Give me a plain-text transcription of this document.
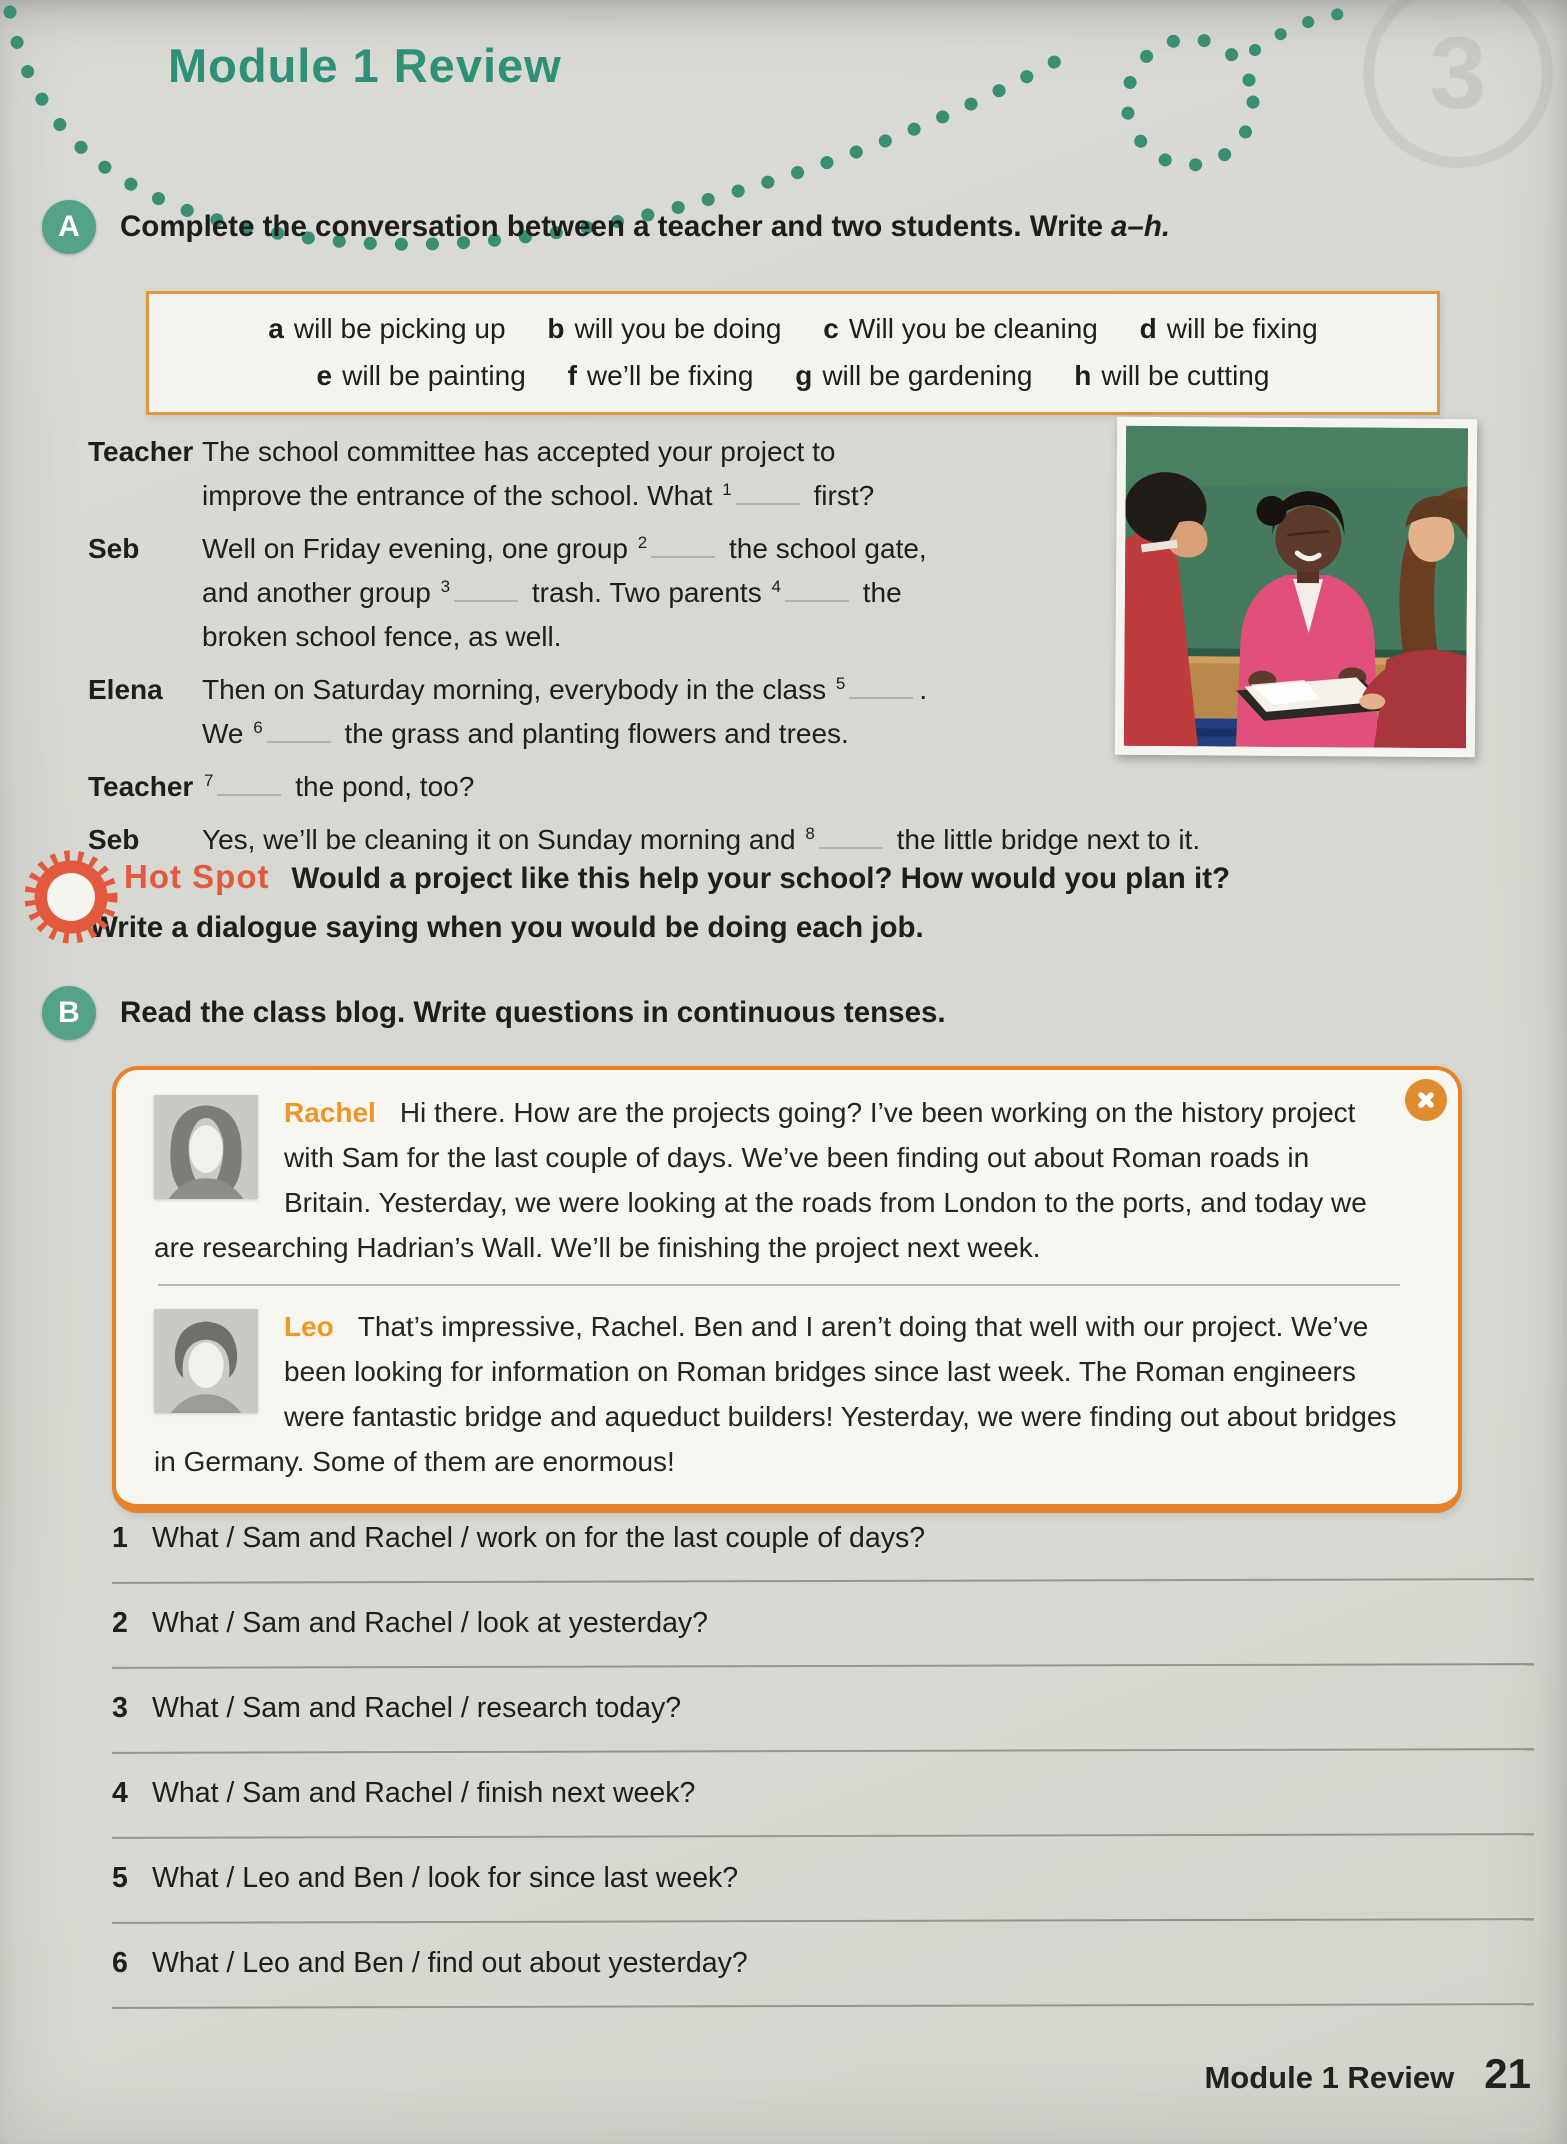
Module 1 Review	3
A	Complete the conversation between a teacher and two students. Write a–h.
a will be picking up b will you be doing c Will you be cleaning d will be fixing
e will be painting f we’ll be fixing g will be gardening h will be cutting
Teacher The school committee has accepted your project to
improve the entrance of the school. What $^1$	first?
Seb	Well on Friday evening, one group $^2$	the school gate,
and another group $^3$	trash. Two parents $^4$	the
broken school fence, as well.
Elena	Then on Saturday morning, everybody in the class $^5$	.
We $^6$	the grass and planting flowers and trees.
Teacher $^7$	the pond, too?
Seb	Yes, we’ll be cleaning it on Sunday morning and $^8$	the little bridge next to it.
Hot Spot Would a project like this help your school? How would you plan it?
Write a dialogue saying when you would be doing each job.
B	Read the class blog. Write questions in continuous tenses.
Rachel Hi there. How are the projects going? I’ve been working on the history project with Sam for the last couple of days. We’ve been finding out about Roman roads in Britain. Yesterday, we were looking at the roads from London to the ports, and today we are researching Hadrian’s Wall. We’ll be finishing the project next week.
Leo That’s impressive, Rachel. Ben and I aren’t doing that well with our project. We’ve been looking for information on Roman bridges since last week. The Roman engineers were fantastic bridge and aqueduct builders! Yesterday, we were finding out about bridges in Germany. Some of them are enormous!
1 What / Sam and Rachel / work on for the last couple of days?
2 What / Sam and Rachel / look at yesterday?
3 What / Sam and Rachel / research today?
4 What / Sam and Rachel / finish next week?
5 What / Leo and Ben / look for since last week?
6 What / Leo and Ben / find out about yesterday?
Module 1 Review 21
